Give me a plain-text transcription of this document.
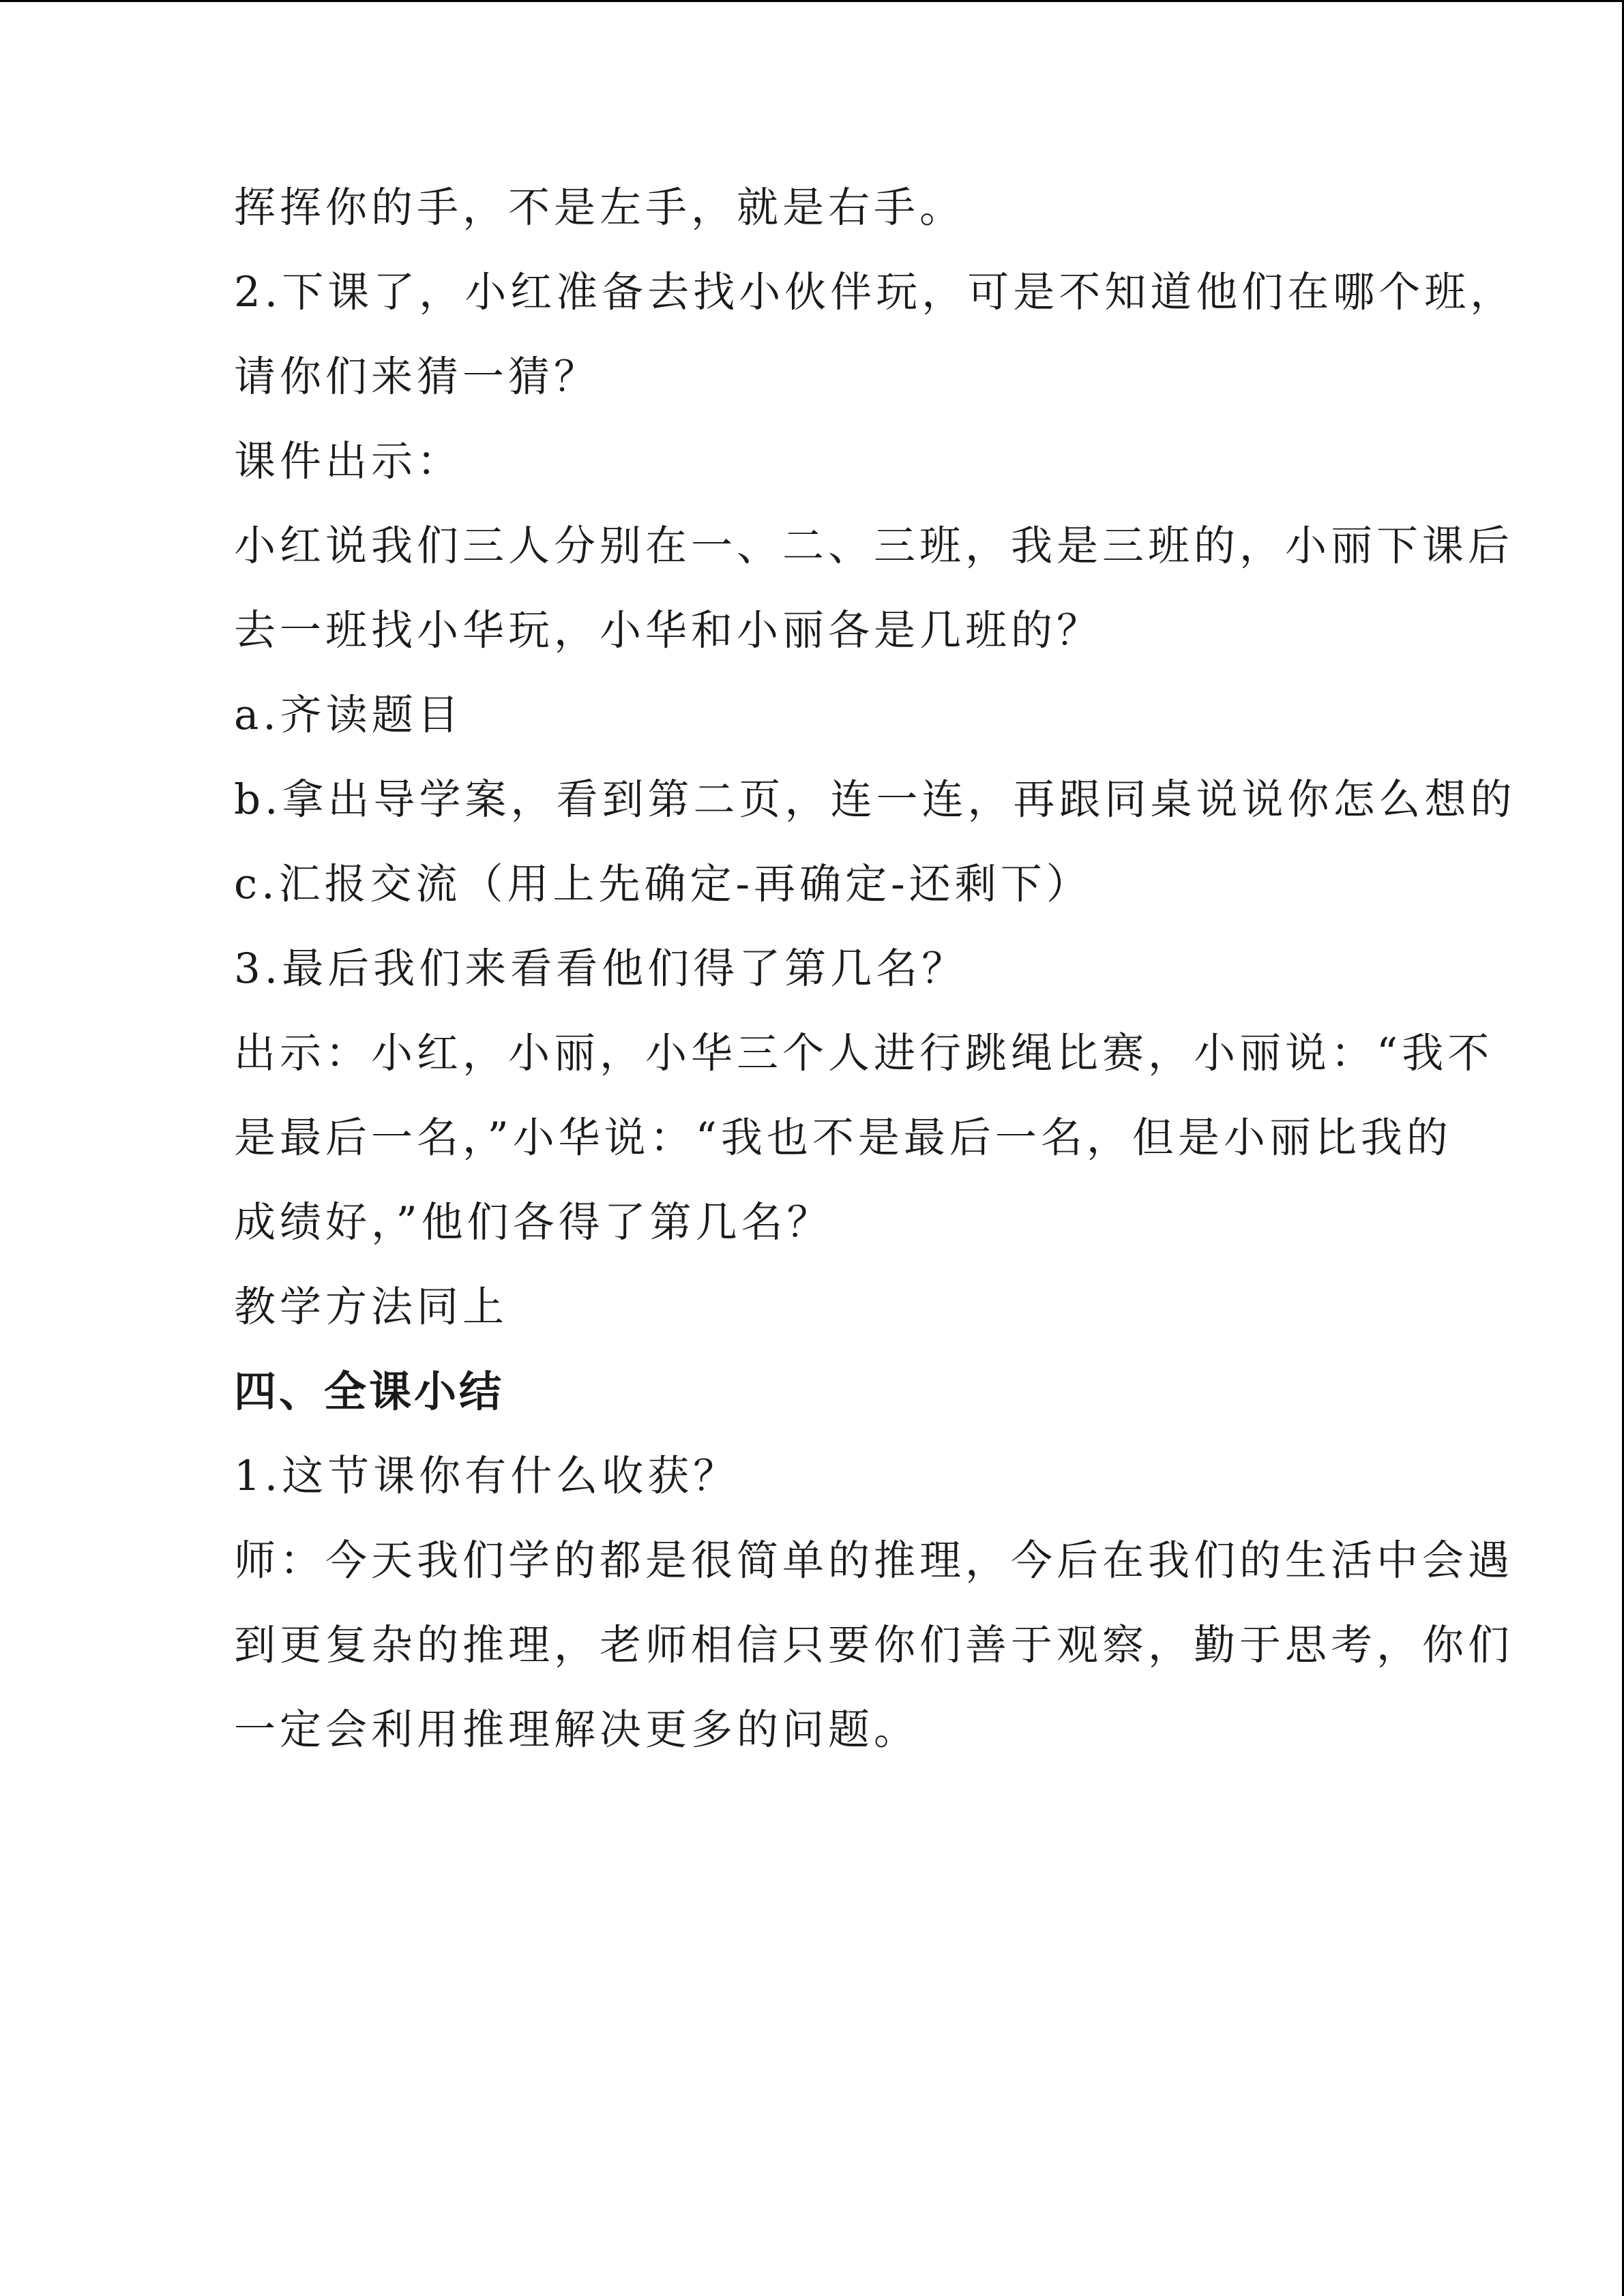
挥挥你的手，不是左手，就是右手。
2.下课了，小红准备去找小伙伴玩，可是不知道他们在哪个班，
请你们来猜一猜？
课件出示：
小红说我们三人分别在一、二、三班，我是三班的，小丽下课后
去一班找小华玩，小华和小丽各是几班的？
a.齐读题目
b.拿出导学案，看到第二页，连一连，再跟同桌说说你怎么想的
c.汇报交流（用上先确定-再确定-还剩下）
3.最后我们来看看他们得了第几名？
出示：小红，小丽，小华三个人进行跳绳比赛，小丽说：“我不
是最后一名，”小华说：“我也不是最后一名，但是小丽比我的
成绩好，”他们各得了第几名？
教学方法同上
四、全课小结
1.这节课你有什么收获？
师：今天我们学的都是很简单的推理，今后在我们的生活中会遇
到更复杂的推理，老师相信只要你们善于观察，勤于思考，你们
一定会利用推理解决更多的问题。
